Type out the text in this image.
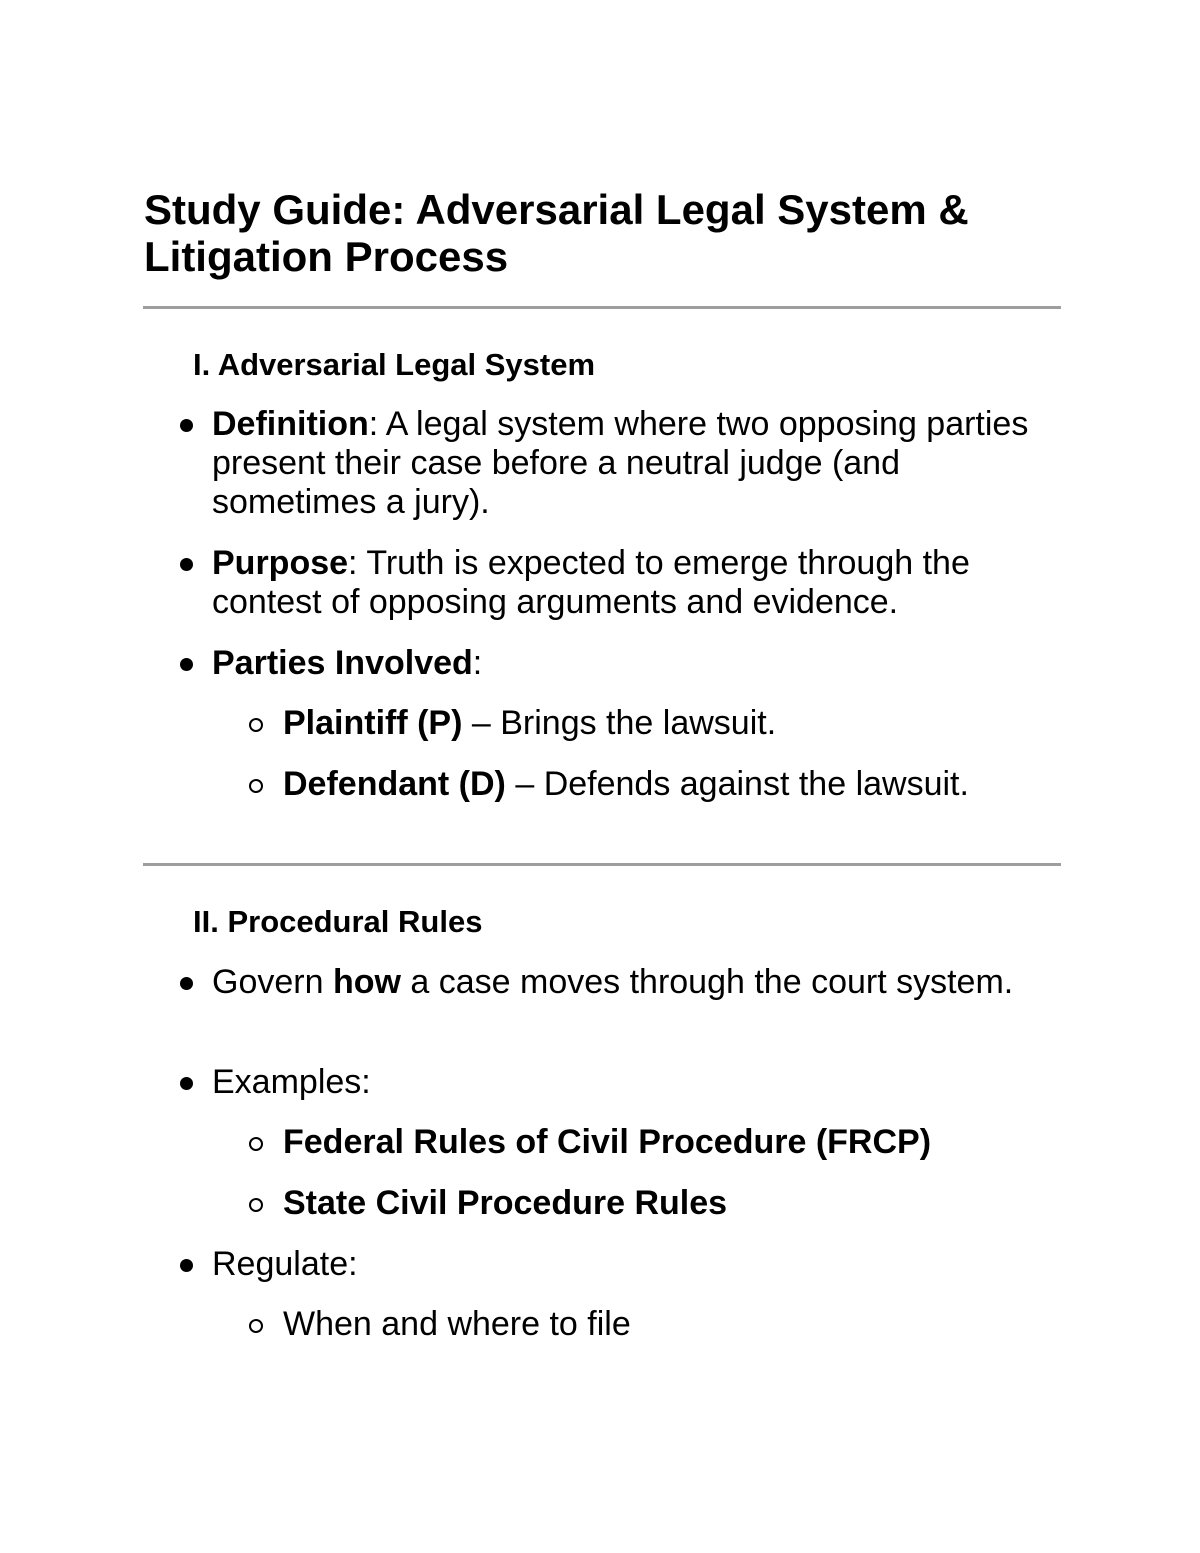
Study Guide: Adversarial Legal System & Litigation Process
I. Adversarial Legal System
Definition: A legal system where two opposing parties present their case before a neutral judge (and sometimes a jury).
Purpose: Truth is expected to emerge through the contest of opposing arguments and evidence.
Parties Involved:
Plaintiff (P) – Brings the lawsuit.
Defendant (D) – Defends against the lawsuit.
II. Procedural Rules
Govern how a case moves through the court system.
Examples:
Federal Rules of Civil Procedure (FRCP)
State Civil Procedure Rules
Regulate:
When and where to file
